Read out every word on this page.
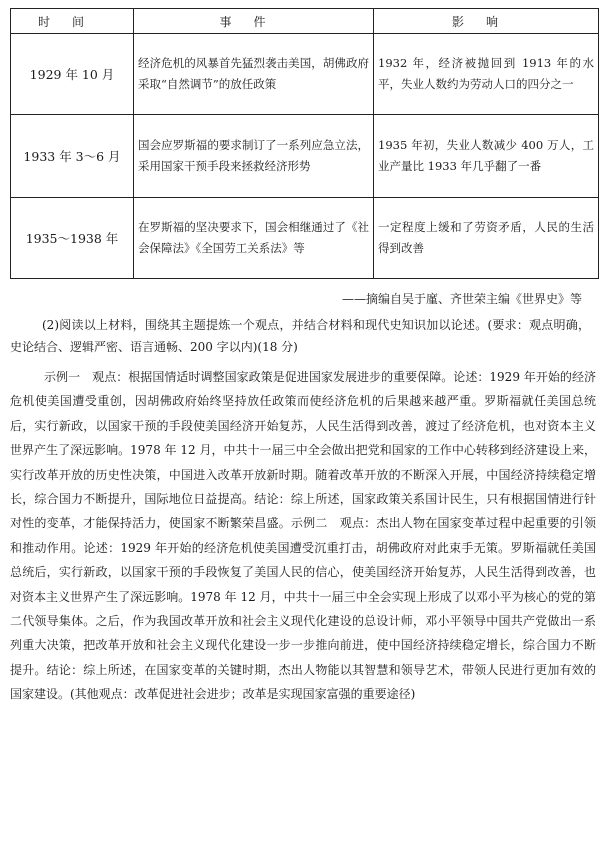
时间	事件	影响
1929 年 10 月	经济危机的风暴首先猛烈袭击美国，胡佛政府采取“自然调节”的放任政策	1932 年，经济被抛回到 1913 年的水平，失业人数约为劳动人口的四分之一
1933 年 3～6 月	国会应罗斯福的要求制订了一系列应急立法，采用国家干预手段来拯救经济形势	1935 年初，失业人数减少 400 万人，工业产量比 1933 年几乎翻了一番
1935～1938 年	在罗斯福的坚决要求下，国会相继通过了《社会保障法》《全国劳工关系法》等	一定程度上缓和了劳资矛盾，人民的生活得到改善
——摘编自吴于廑、齐世荣主编《世界史》等
(2)阅读以上材料，围绕其主题提炼一个观点，并结合材料和现代史知识加以论述。(要求：观点明确，史论结合、逻辑严密、语言通畅、200 字以内)(18 分)
示例一　观点：根据国情适时调整国家政策是促进国家发展进步的重要保障。论述：1929 年开始的经济危机使美国遭受重创，因胡佛政府始终坚持放任政策而使经济危机的后果越来越严重。罗斯福就任美国总统后，实行新政，以国家干预的手段使美国经济开始复苏，人民生活得到改善，渡过了经济危机，也对资本主义世界产生了深远影响。1978 年 12 月，中共十一届三中全会做出把党和国家的工作中心转移到经济建设上来，实行改革开放的历史性决策，中国进入改革开放新时期。随着改革开放的不断深入开展，中国经济持续稳定增长，综合国力不断提升，国际地位日益提高。结论：综上所述，国家政策关系国计民生，只有根据国情进行针对性的变革，才能保持活力，使国家不断繁荣昌盛。示例二　观点：杰出人物在国家变革过程中起重要的引领和推动作用。论述：1929 年开始的经济危机使美国遭受沉重打击，胡佛政府对此束手无策。罗斯福就任美国总统后，实行新政，以国家干预的手段恢复了美国人民的信心，使美国经济开始复苏，人民生活得到改善，也对资本主义世界产生了深远影响。1978 年 12 月，中共十一届三中全会实现上形成了以邓小平为核心的党的第二代领导集体。之后，作为我国改革开放和社会主义现代化建设的总设计师，邓小平领导中国共产党做出一系列重大决策，把改革开放和社会主义现代化建设一步一步推向前进，使中国经济持续稳定增长，综合国力不断提升。结论：综上所述，在国家变革的关键时期，杰出人物能以其智慧和领导艺术，带领人民进行更加有效的国家建设。(其他观点：改革促进社会进步；改革是实现国家富强的重要途径)
